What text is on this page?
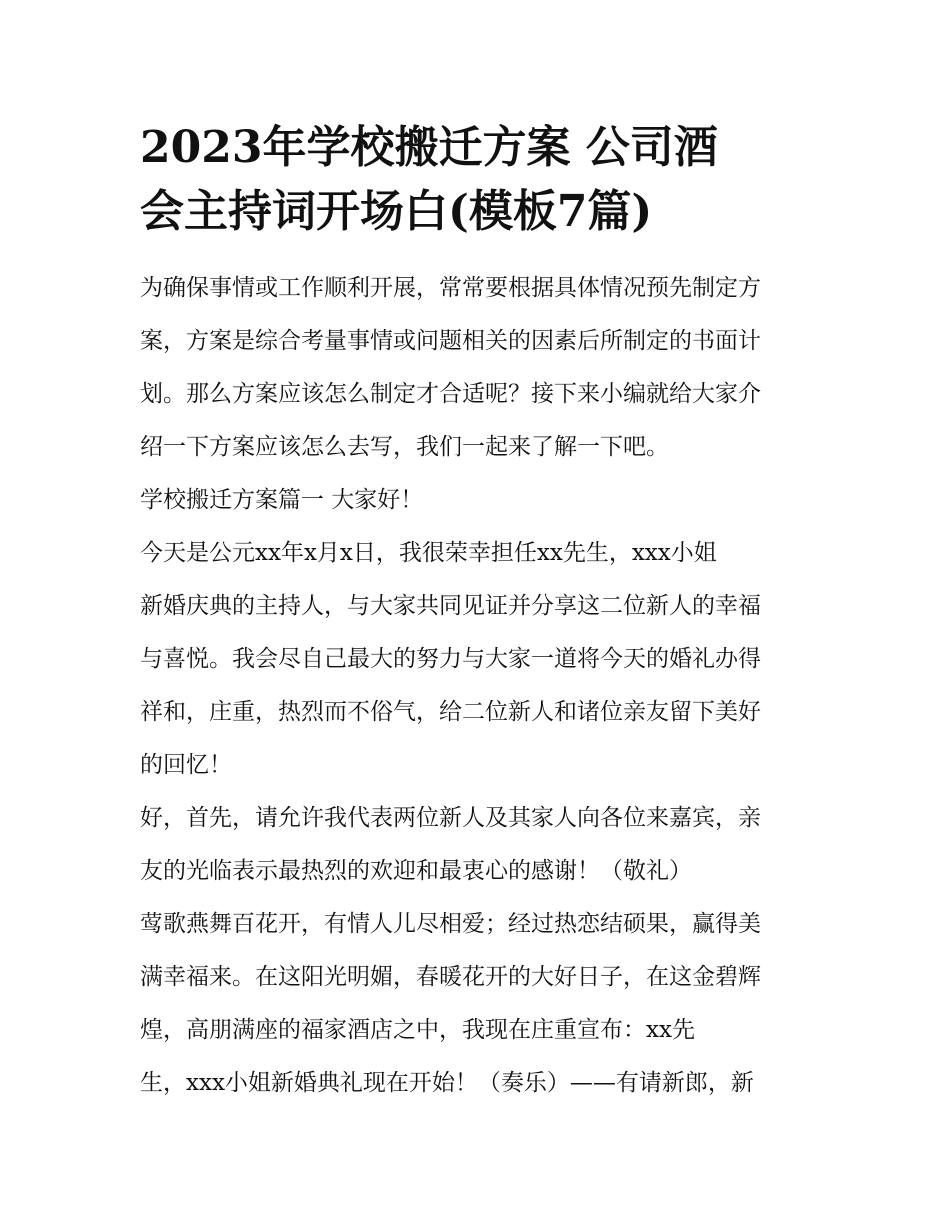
2023年学校搬迁方案 公司酒
会主持词开场白(模板7篇)
为确保事情或工作顺利开展，常常要根据具体情况预先制定方
案，方案是综合考量事情或问题相关的因素后所制定的书面计
划。那么方案应该怎么制定才合适呢？接下来小编就给大家介
绍一下方案应该怎么去写，我们一起来了解一下吧。
学校搬迁方案篇一 大家好！
今天是公元xx年x月x日，我很荣幸担任xx先生，xxx小姐
新婚庆典的主持人，与大家共同见证并分享这二位新人的幸福
与喜悦。我会尽自己最大的努力与大家一道将今天的婚礼办得
祥和，庄重，热烈而不俗气，给二位新人和诸位亲友留下美好
的回忆！
好，首先，请允许我代表两位新人及其家人向各位来嘉宾，亲
友的光临表示最热烈的欢迎和最衷心的感谢！（敬礼）
莺歌燕舞百花开，有情人儿尽相爱；经过热恋结硕果，赢得美
满幸福来。在这阳光明媚，春暖花开的大好日子，在这金碧辉
煌，高朋满座的福家酒店之中，我现在庄重宣布：xx先
生，xxx小姐新婚典礼现在开始！（奏乐）——有请新郎，新
